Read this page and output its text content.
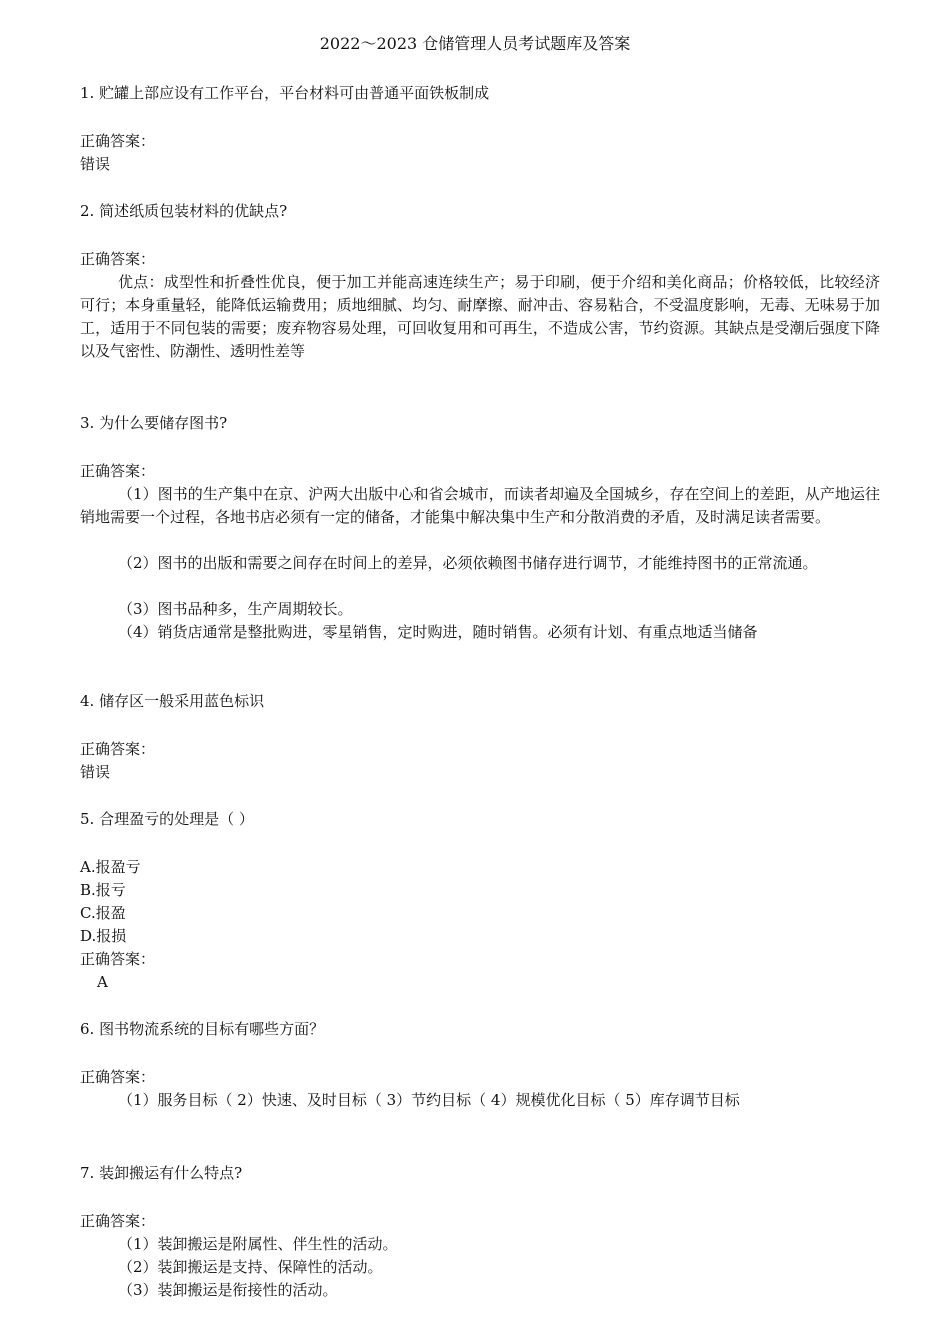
2022～2023 仓储管理人员考试题库及答案
1. 贮罐上部应设有工作平台，平台材料可由普通平面铁板制成
正确答案：
错误
2. 简述纸质包装材料的优缺点?
正确答案：
优点：成型性和折叠性优良，便于加工并能高速连续生产；易于印刷，便于介绍和美化商品；价格较低，比较经济可行；本身重量轻，能降低运输费用；质地细腻、均匀、耐摩擦、耐冲击、容易粘合，不受温度影响，无毒、无味易于加工，适用于不同包装的需要；废弃物容易处理，可回收复用和可再生，不造成公害，节约资源。其缺点是受潮后强度下降以及气密性、防潮性、透明性差等
3. 为什么要储存图书?
正确答案：
（1）图书的生产集中在京、沪两大出版中心和省会城市，而读者却遍及全国城乡，存在空间上的差距，从产地运往销地需要一个过程，各地书店必须有一定的储备，才能集中解决集中生产和分散消费的矛盾，及时满足读者需要。
（2）图书的出版和需要之间存在时间上的差异，必须依赖图书储存进行调节，才能维持图书的正常流通。
（3）图书品种多，生产周期较长。
（4）销货店通常是整批购进，零星销售，定时购进，随时销售。必须有计划、有重点地适当储备
4. 储存区一般采用蓝色标识
正确答案：
错误
5. 合理盈亏的处理是（ ）
A.报盈亏
B.报亏
C.报盈
D.报损
正确答案：
A
6. 图书物流系统的目标有哪些方面？
正确答案：
（1）服务目标（ 2）快速、及时目标（ 3）节约目标（ 4）规模优化目标（ 5）库存调节目标
7. 装卸搬运有什么特点?
正确答案：
（1）装卸搬运是附属性、伴生性的活动。
（2）装卸搬运是支持、保障性的活动。
（3）装卸搬运是衔接性的活动。
